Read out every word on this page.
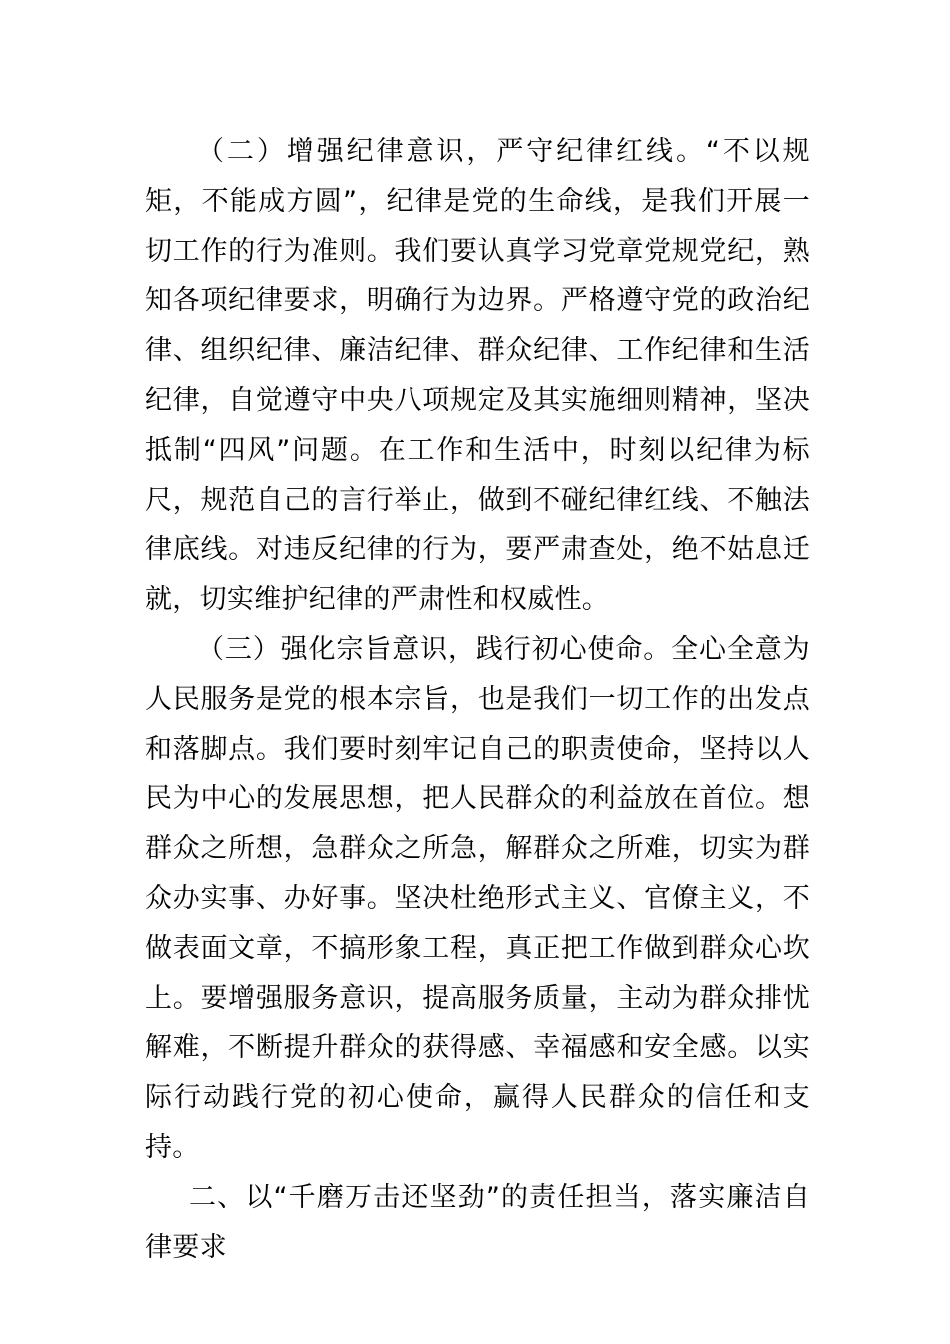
（二）增强纪律意识，严守纪律红线。“不以规矩，不能成方圆”，纪律是党的生命线，是我们开展一切工作的行为准则。我们要认真学习党章党规党纪，熟知各项纪律要求，明确行为边界。严格遵守党的政治纪律、组织纪律、廉洁纪律、群众纪律、工作纪律和生活纪律，自觉遵守中央八项规定及其实施细则精神，坚决抵制“四风”问题。在工作和生活中，时刻以纪律为标尺，规范自己的言行举止，做到不碰纪律红线、不触法律底线。对违反纪律的行为，要严肃查处，绝不姑息迁就，切实维护纪律的严肃性和权威性。

（三）强化宗旨意识，践行初心使命。全心全意为人民服务是党的根本宗旨，也是我们一切工作的出发点和落脚点。我们要时刻牢记自己的职责使命，坚持以人民为中心的发展思想，把人民群众的利益放在首位。想群众之所想，急群众之所急，解群众之所难，切实为群众办实事、办好事。坚决杜绝形式主义、官僚主义，不做表面文章，不搞形象工程，真正把工作做到群众心坎上。要增强服务意识，提高服务质量，主动为群众排忧解难，不断提升群众的获得感、幸福感和安全感。以实际行动践行党的初心使命，赢得人民群众的信任和支持。

二、以“千磨万击还坚劲”的责任担当，落实廉洁自律要求
